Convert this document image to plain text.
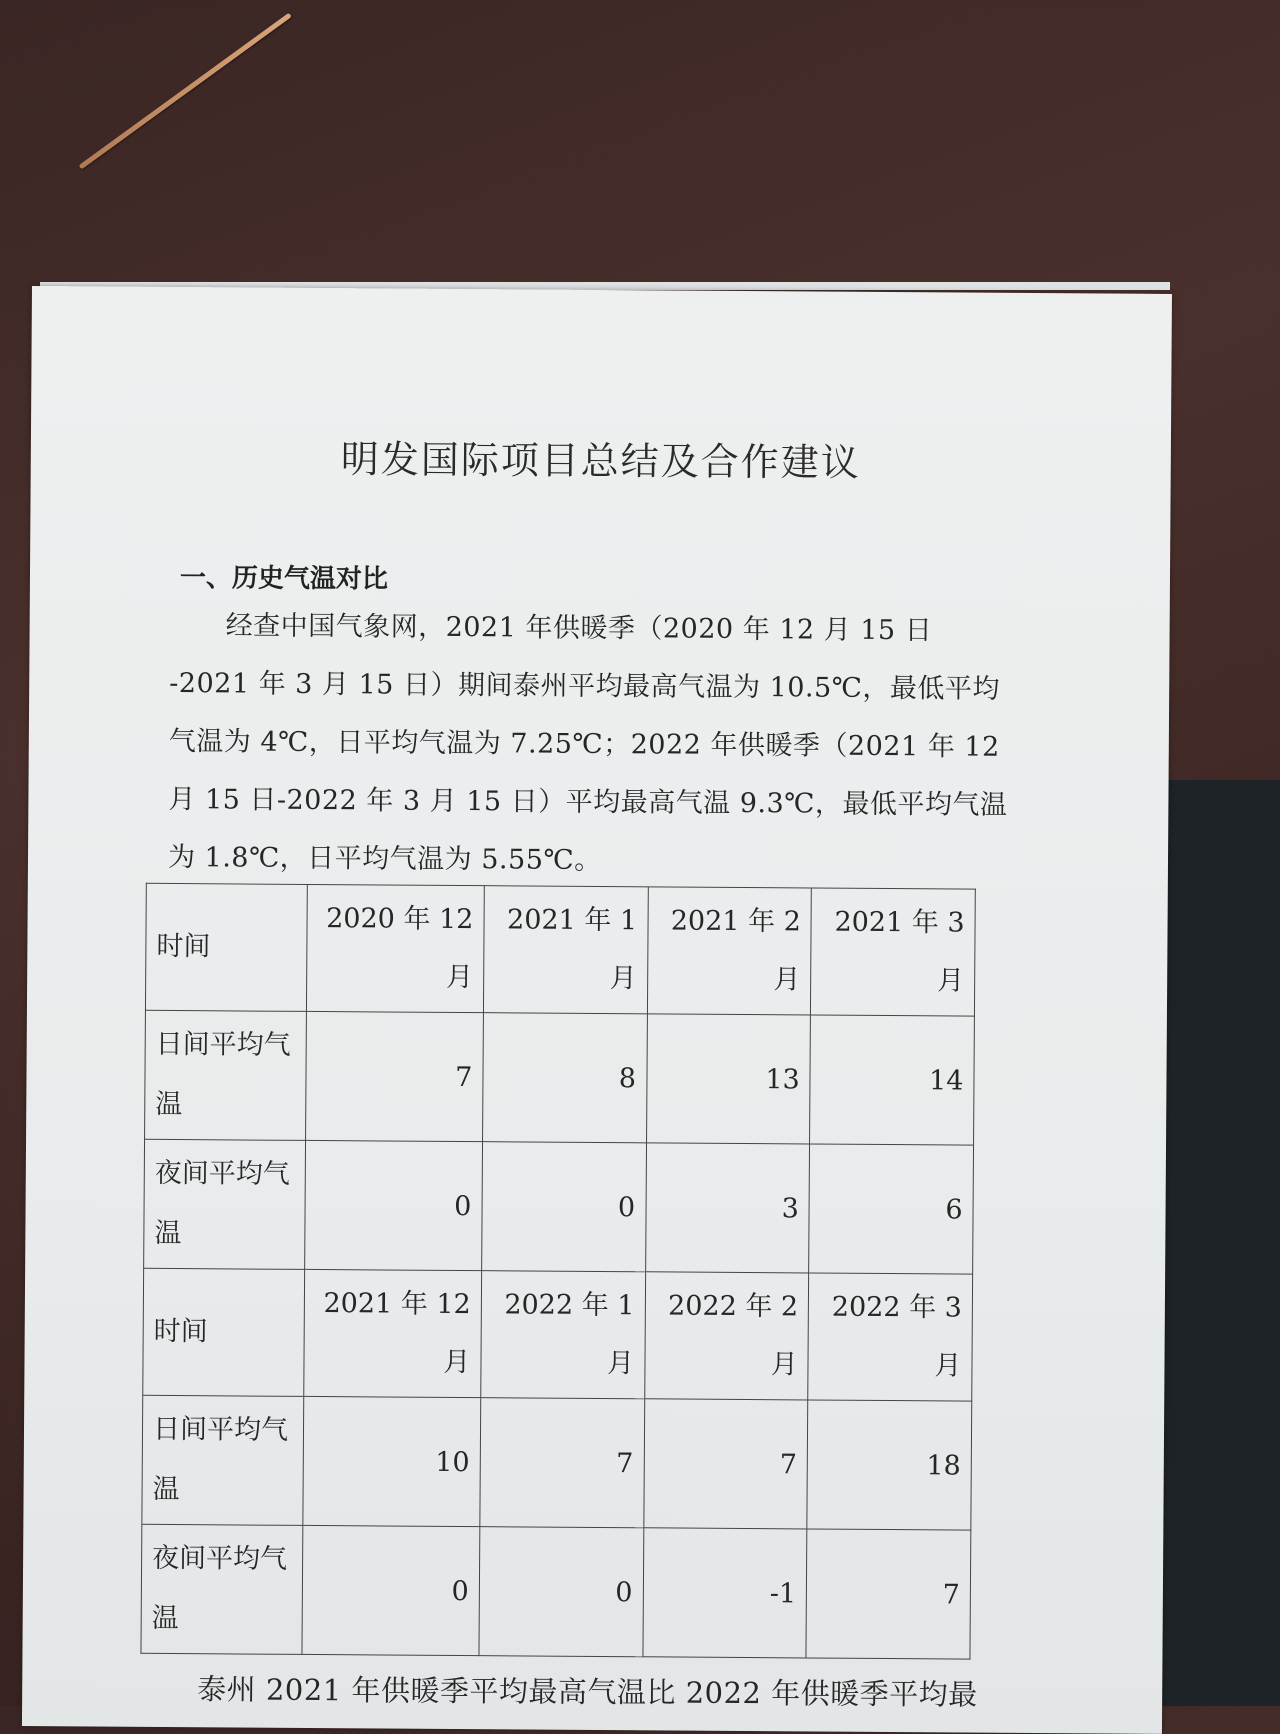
明发国际项目总结及合作建议
一、历史气温对比
经查中国气象网，2021 年供暖季（2020 年 12 月 15 日 -2021 年 3 月 15 日）期间泰州平均最高气温为 10.5℃，最低平均气温为 4℃，日平均气温为 7.25℃；2022 年供暖季（2021 年 12 月 15 日-2022 年 3 月 15 日）平均最高气温 9.3℃，最低平均气温为 1.8℃，日平均气温为 5.55℃。
时间	2020 年 12 月	2021 年 1 月	2021 年 2 月	2021 年 3 月
日间平均气温	7	8	13	14
夜间平均气温	0	0	3	6
时间	2021 年 12 月	2022 年 1 月	2022 年 2 月	2022 年 3 月
日间平均气温	10	7	7	18
夜间平均气温	0	0	-1	7
泰州 2021 年供暖季平均最高气温比 2022 年供暖季平均最
